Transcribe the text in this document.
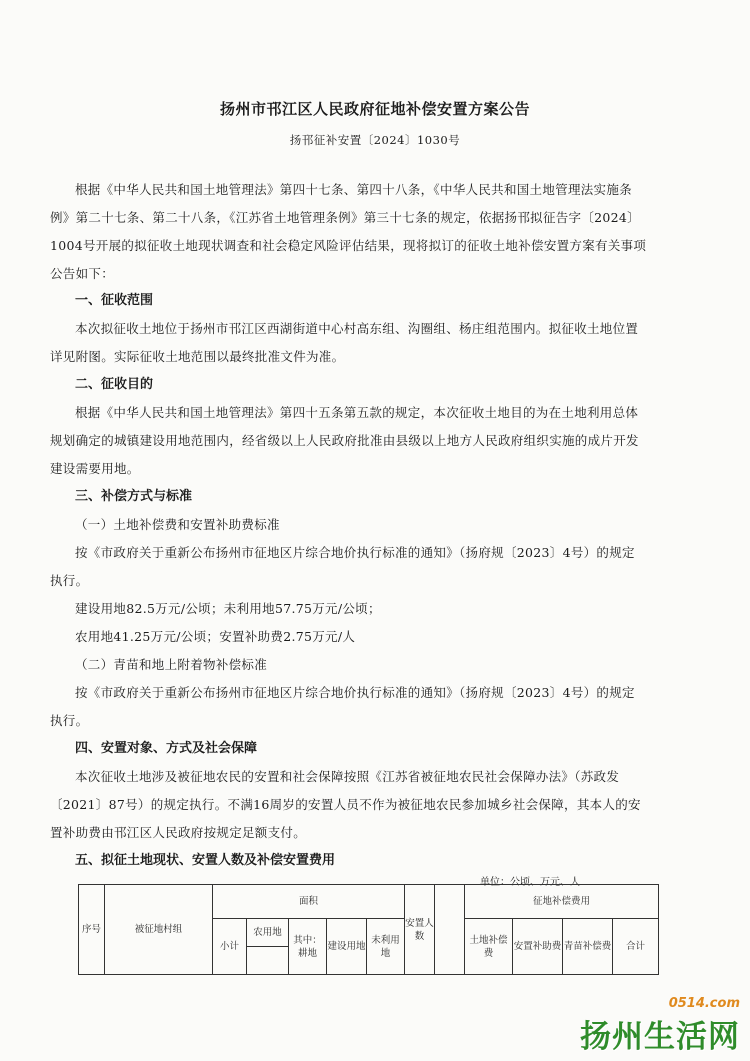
扬州市邗江区人民政府征地补偿安置方案公告
扬邗征补安置〔2024〕1030号
根据《中华人民共和国土地管理法》第四十七条、第四十八条，《中华人民共和国土地管理法实施条
例》第二十七条、第二十八条，《江苏省土地管理条例》第三十七条的规定，依据扬邗拟征告字〔2024〕
1004号开展的拟征收土地现状调查和社会稳定风险评估结果，现将拟订的征收土地补偿安置方案有关事项
公告如下：
一、征收范围
本次拟征收土地位于扬州市邗江区西湖街道中心村高东组、沟圈组、杨庄组范围内。拟征收土地位置
详见附图。实际征收土地范围以最终批准文件为准。
二、征收目的
根据《中华人民共和国土地管理法》第四十五条第五款的规定，本次征收土地目的为在土地利用总体
规划确定的城镇建设用地范围内，经省级以上人民政府批准由县级以上地方人民政府组织实施的成片开发
建设需要用地。
三、补偿方式与标准
（一）土地补偿费和安置补助费标准
按《市政府关于重新公布扬州市征地区片综合地价执行标准的通知》（扬府规〔2023〕4号）的规定
执行。
建设用地82.5万元/公顷；未利用地57.75万元/公顷；
农用地41.25万元/公顷；安置补助费2.75万元/人
（二）青苗和地上附着物补偿标准
按《市政府关于重新公布扬州市征地区片综合地价执行标准的通知》（扬府规〔2023〕4号）的规定
执行。
四、安置对象、方式及社会保障
本次征收土地涉及被征地农民的安置和社会保障按照《江苏省被征地农民社会保障办法》（苏政发
〔2021〕87号）的规定执行。不满16周岁的安置人员不作为被征地农民参加城乡社会保障，其本人的安
置补助费由邗江区人民政府按规定足额支付。
五、拟征土地现状、安置人数及补偿安置费用
单位：公顷、万元、人
序号	被征地村组	面积					安置人数		征地补偿费用			
		小计	农用地	其中：耕地	建设用地	未利用地			土地补偿费	安置补助费	青苗补偿费	合计

0514.com
扬州生活网
